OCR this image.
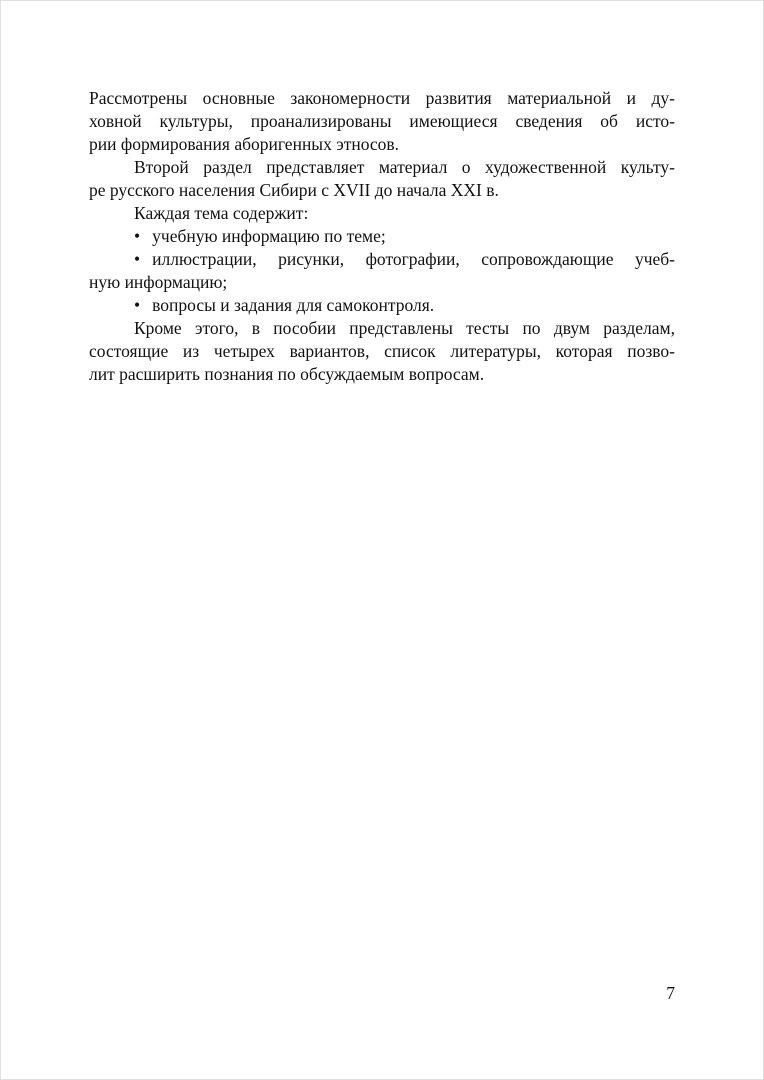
Рассмотрены основные закономерности развития материальной и ду-
ховной культуры, проанализированы имеющиеся сведения об исто-
рии формирования аборигенных этносов.
Второй раздел представляет материал о художественной культу-
ре русского населения Сибири с XVII до начала XXI в.
Каждая тема содержит:
• учебную информацию по теме;
• иллюстрации, рисунки, фотографии, сопровождающие учеб-
ную информацию;
• вопросы и задания для самоконтроля.
Кроме этого, в пособии представлены тесты по двум разделам,
состоящие из четырех вариантов, список литературы, которая позво-
лит расширить познания по обсуждаемым вопросам.
7
